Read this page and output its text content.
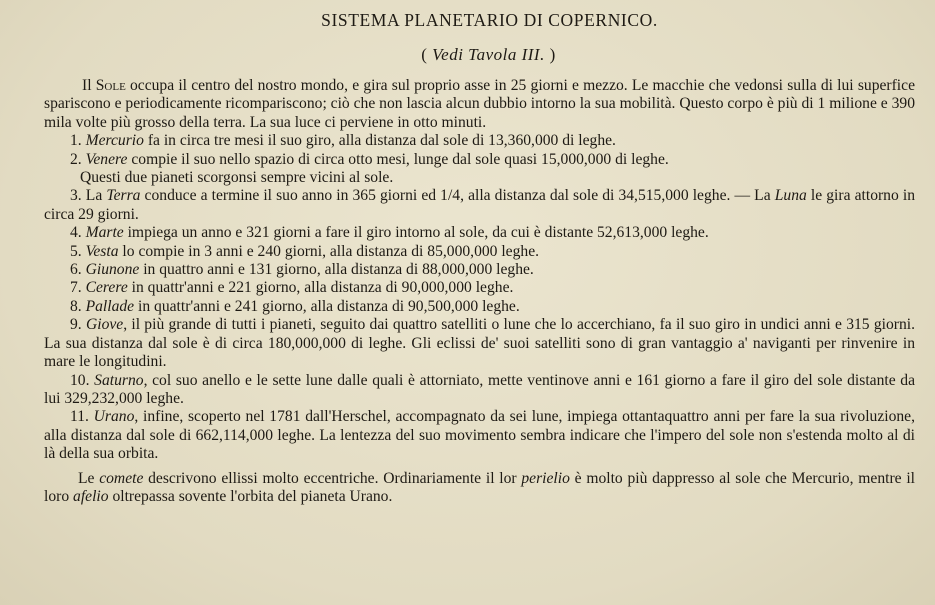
SISTEMA PLANETARIO DI COPERNICO.
( Vedi Tavola III. )

Il Sole occupa il centro del nostro mondo, e gira sul proprio asse in 25 giorni e mezzo. Le macchie che vedonsi sulla di lui superfice spariscono e periodicamente ricompariscono; ciò che non lascia alcun dubbio intorno la sua mobilità. Questo corpo è più di 1 milione e 390 mila volte più grosso della terra. La sua luce ci perviene in otto minuti.

1. Mercurio fa in circa tre mesi il suo giro, alla distanza dal sole di 13,360,000 di leghe.

2. Venere compie il suo nello spazio di circa otto mesi, lunge dal sole quasi 15,000,000 di leghe.

Questi due pianeti scorgonsi sempre vicini al sole.

3. La Terra conduce a termine il suo anno in 365 giorni ed 1/4, alla distanza dal sole di 34,515,000 leghe. — La Luna le gira attorno in circa 29 giorni.

4. Marte impiega un anno e 321 giorni a fare il giro intorno al sole, da cui è distante 52,613,000 leghe.

5. Vesta lo compie in 3 anni e 240 giorni, alla distanza di 85,000,000 leghe.

6. Giunone in quattro anni e 131 giorno, alla distanza di 88,000,000 leghe.

7. Cerere in quattr'anni e 221 giorno, alla distanza di 90,000,000 leghe.

8. Pallade in quattr'anni e 241 giorno, alla distanza di 90,500,000 leghe.

9. Giove, il più grande di tutti i pianeti, seguito dai quattro satelliti o lune che lo accerchiano, fa il suo giro in undici anni e 315 giorni. La sua distanza dal sole è di circa 180,000,000 di leghe. Gli eclissi de' suoi satelliti sono di gran vantaggio a' naviganti per rinvenire in mare le longitudini.

10. Saturno, col suo anello e le sette lune dalle quali è attorniato, mette ventinove anni e 161 giorno a fare il giro del sole distante da lui 329,232,000 leghe.

11. Urano, infine, scoperto nel 1781 dall'Herschel, accompagnato da sei lune, impiega ottantaquattro anni per fare la sua rivoluzione, alla distanza dal sole di 662,114,000 leghe. La lentezza del suo movimento sembra indicare che l'impero del sole non s'estenda molto al di là della sua orbita.

Le comete descrivono ellissi molto eccentriche. Ordinariamente il lor perielio è molto più dappresso al sole che Mercurio, mentre il loro afelio oltrepassa sovente l'orbita del pianeta Urano.
